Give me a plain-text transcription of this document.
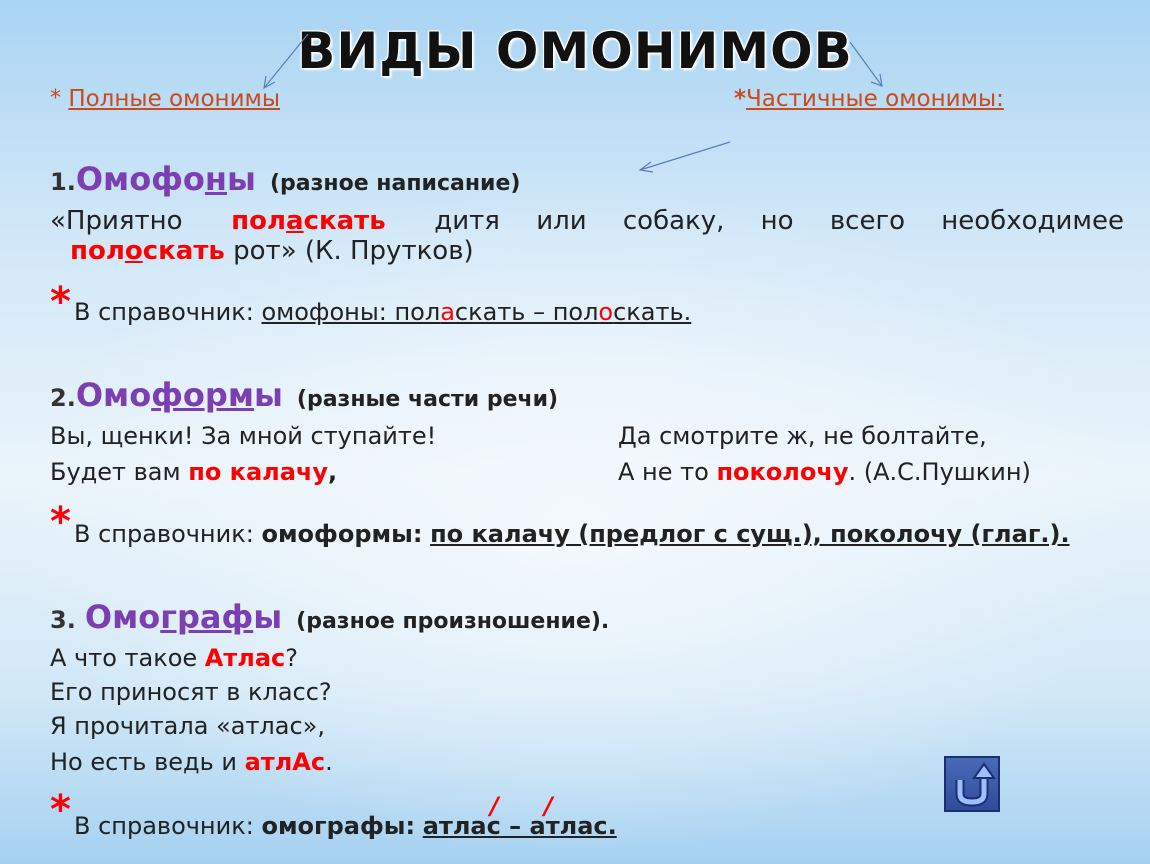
ВИДЫ ОМОНИМОВ
* Полные омонимы	*Частичные омонимы:
1.Омофоны (разное написание)
«Приятно поласкать дитя или собаку, но всего необходимее
полоскать рот» (К. Прутков)
* В справочник: омофоны: поласкать – полоскать.
2.Омоформы (разные части речи)
Вы, щенки! За мной ступайте!
Будет вам по калачу,
Да смотрите ж, не болтайте,
А не то поколочу. (А.С.Пушкин)
* В справочник: омоформы: по калачу (предлог с сущ.), поколочу (глаг.).
3. Омографы (разное произношение).
А что такое Атлас?
Его приносят в класс?
Я прочитала «атлас»,
Но есть ведь и атлАс.
*	/ /
В справочник: омографы: атлас – атлас.
